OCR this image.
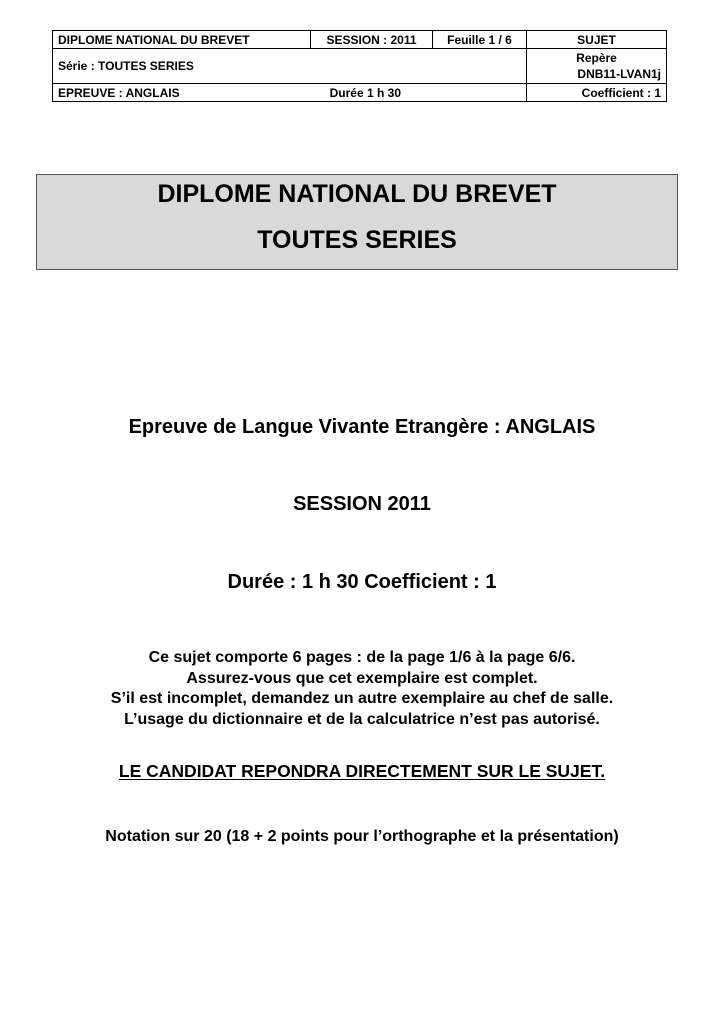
DIPLOME NATIONAL DU BREVET	SESSION : 2011	Feuille 1 / 6	SUJET
Série : TOUTES SERIES			Repère
DNB11-LVAN1j

EPREUVE : ANGLAIS Durée 1 h 30			Coefficient : 1
DIPLOME NATIONAL DU BREVET
TOUTES SERIES
Epreuve de Langue Vivante Etrangère : ANGLAIS
SESSION 2011
Durée : 1 h 30 Coefficient : 1
Ce sujet comporte 6 pages : de la page 1/6 à la page 6/6.
Assurez-vous que cet exemplaire est complet.
S’il est incomplet, demandez un autre exemplaire au chef de salle.
L’usage du dictionnaire et de la calculatrice n’est pas autorisé.
LE CANDIDAT REPONDRA DIRECTEMENT SUR LE SUJET.
Notation sur 20 (18 + 2 points pour l’orthographe et la présentation)
